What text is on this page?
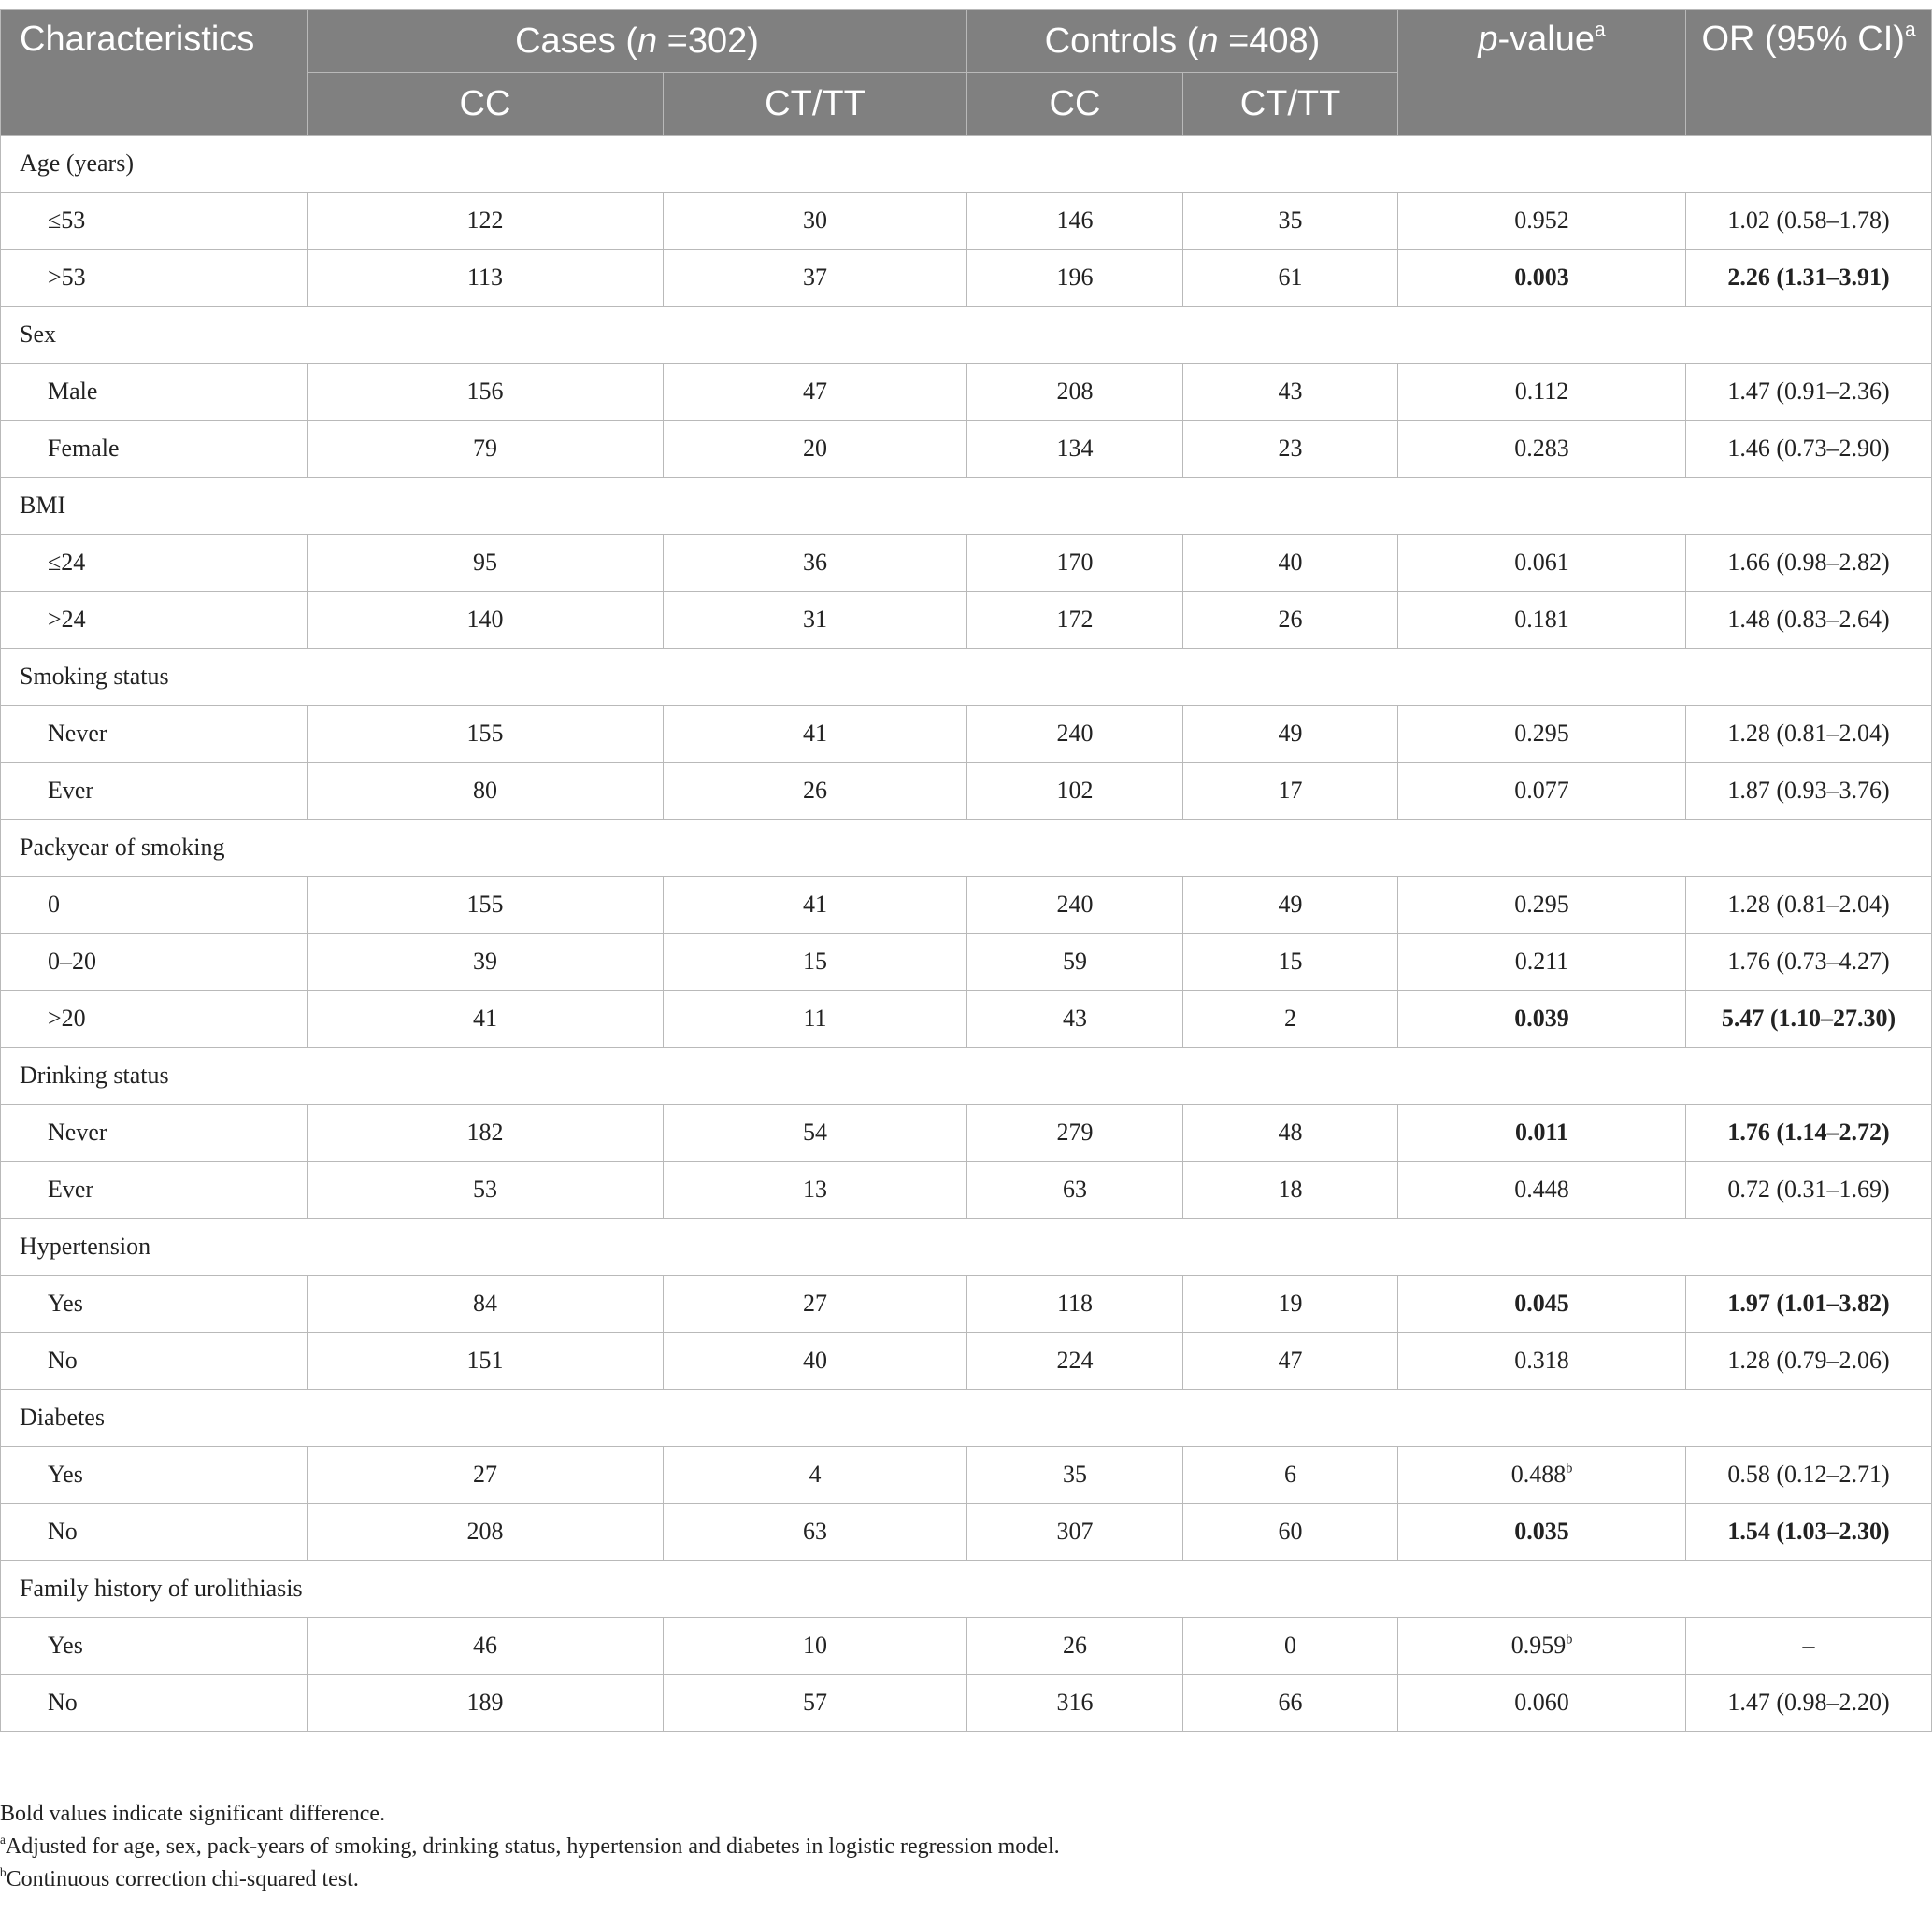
Characteristics	Cases (n =302)		Controls (n =408)		p-value$^a$	OR (95% CI)$^a$
	CC	CT/TT	CC	CT/TT		
Age (years)						
≤53	122	30	146	35	0.952	1.02 (0.58–1.78)
>53	113	37	196	61	0.003	2.26 (1.31–3.91)
Sex						
Male	156	47	208	43	0.112	1.47 (0.91–2.36)
Female	79	20	134	23	0.283	1.46 (0.73–2.90)
BMI						
≤24	95	36	170	40	0.061	1.66 (0.98–2.82)
>24	140	31	172	26	0.181	1.48 (0.83–2.64)
Smoking status						
Never	155	41	240	49	0.295	1.28 (0.81–2.04)
Ever	80	26	102	17	0.077	1.87 (0.93–3.76)
Packyear of smoking						
0	155	41	240	49	0.295	1.28 (0.81–2.04)
0–20	39	15	59	15	0.211	1.76 (0.73–4.27)
>20	41	11	43	2	0.039	5.47 (1.10–27.30)
Drinking status						
Never	182	54	279	48	0.011	1.76 (1.14–2.72)
Ever	53	13	63	18	0.448	0.72 (0.31–1.69)
Hypertension						
Yes	84	27	118	19	0.045	1.97 (1.01–3.82)
No	151	40	224	47	0.318	1.28 (0.79–2.06)
Diabetes						
Yes	27	4	35	6	0.488$^b$	0.58 (0.12–2.71)
No	208	63	307	60	0.035	1.54 (1.03–2.30)
Family history of urolithiasis						
Yes	46	10	26	0	0.959$^b$	–
No	189	57	316	66	0.060	1.47 (0.98–2.20)
Bold values indicate significant difference.
$^a$Adjusted for age, sex, pack-years of smoking, drinking status, hypertension and diabetes in logistic regression model.
$^b$Continuous correction chi-squared test.
